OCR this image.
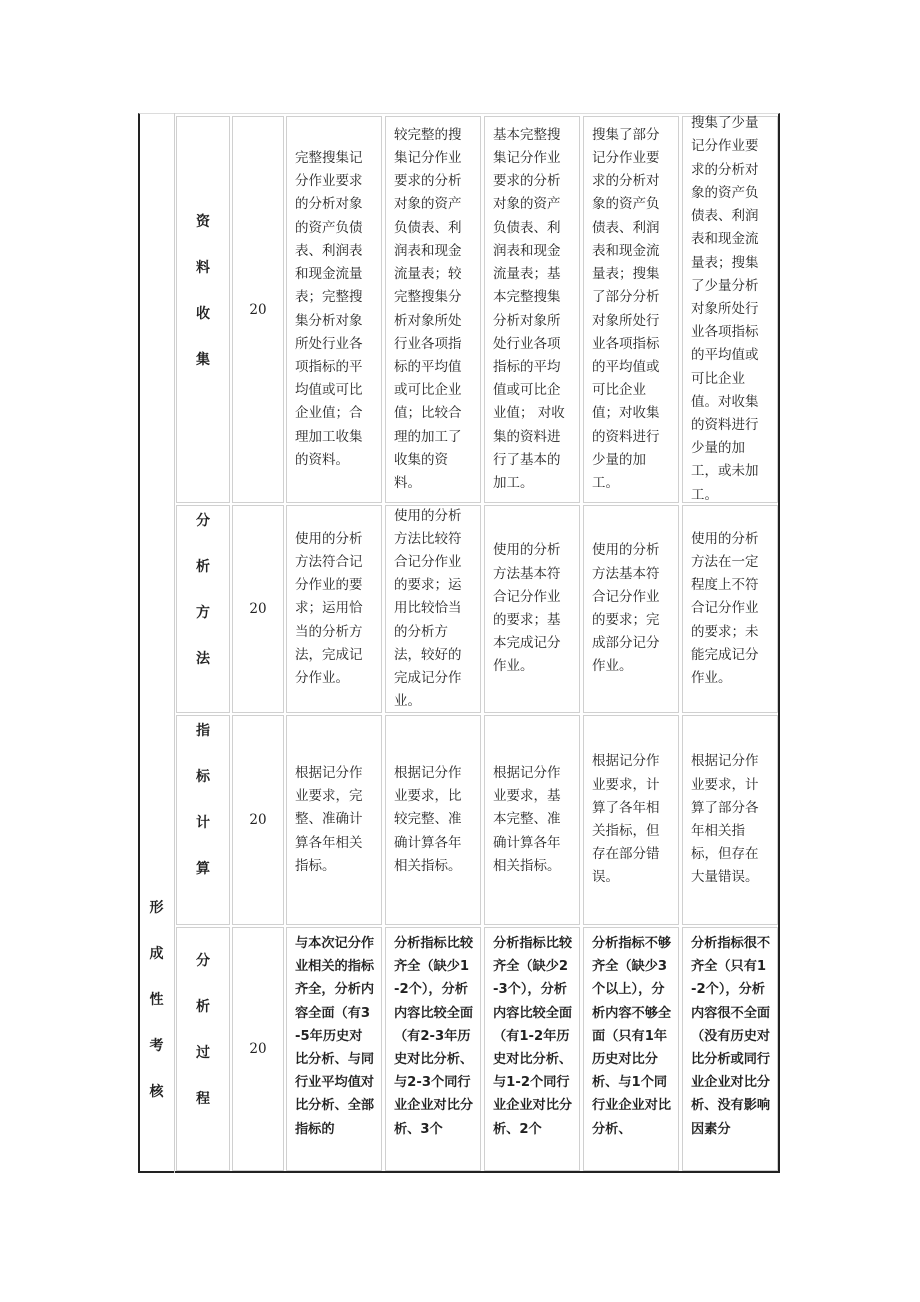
形
成
性
考
核
资
料
收
集
20
完整搜集记分作业要求的分析对象的资产负债表、利润表和现金流量表；完整搜集分析对象所处行业各项指标的平均值或可比企业值；合理加工收集的资料。
较完整的搜集记分作业要求的分析对象的资产负债表、利润表和现金流量表；较完整搜集分析对象所处行业各项指标的平均值或可比企业值；比较合理的加工了收集的资料。
基本完整搜集记分作业要求的分析对象的资产负债表、利润表和现金流量表；基本完整搜集分析对象所处行业各项指标的平均值或可比企业值； 对收集的资料进行了基本的加工。
搜集了部分记分作业要求的分析对象的资产负债表、利润表和现金流量表；搜集了部分分析对象所处行业各项指标的平均值或可比企业值；对收集的资料进行少量的加工。
搜集了少量记分作业要求的分析对象的资产负债表、利润表和现金流量表；搜集了少量分析对象所处行业各项指标的平均值或可比企业值。对收集的资料进行少量的加工，或未加工。
分
析
方
法
20
使用的分析方法符合记分作业的要求；运用恰当的分析方法，完成记分作业。
使用的分析方法比较符合记分作业的要求；运用比较恰当的分析方法，较好的完成记分作业。
使用的分析方法基本符合记分作业的要求；基本完成记分作业。
使用的分析方法基本符合记分作业的要求；完成部分记分作业。
使用的分析方法在一定程度上不符合记分作业的要求；未能完成记分作业。
指
标
计
算
20
根据记分作业要求，完整、准确计算各年相关指标。
根据记分作业要求，比较完整、准确计算各年相关指标。
根据记分作业要求，基本完整、准确计算各年相关指标。
根据记分作业要求，计算了各年相关指标，但存在部分错误。
根据记分作业要求，计算了部分各年相关指标，但存在大量错误。
分
析
过
程
20
与本次记分作业相关的指标齐全，分析内容全面（有3-5年历史对比分析、与同行业平均值对比分析、全部指标的
分析指标比较齐全（缺少1-2个），分析内容比较全面（有2-3年历史对比分析、与2-3个同行业企业对比分析、3个
分析指标比较齐全（缺少2-3个），分析内容比较全面（有1-2年历史对比分析、与1-2个同行业企业对比分析、2个
分析指标不够齐全（缺少3个以上），分析内容不够全面（只有1年历史对比分析、与1个同行业企业对比分析、
分析指标很不齐全（只有1-2个），分析内容很不全面（没有历史对比分析或同行业企业对比分析、没有影响因素分
